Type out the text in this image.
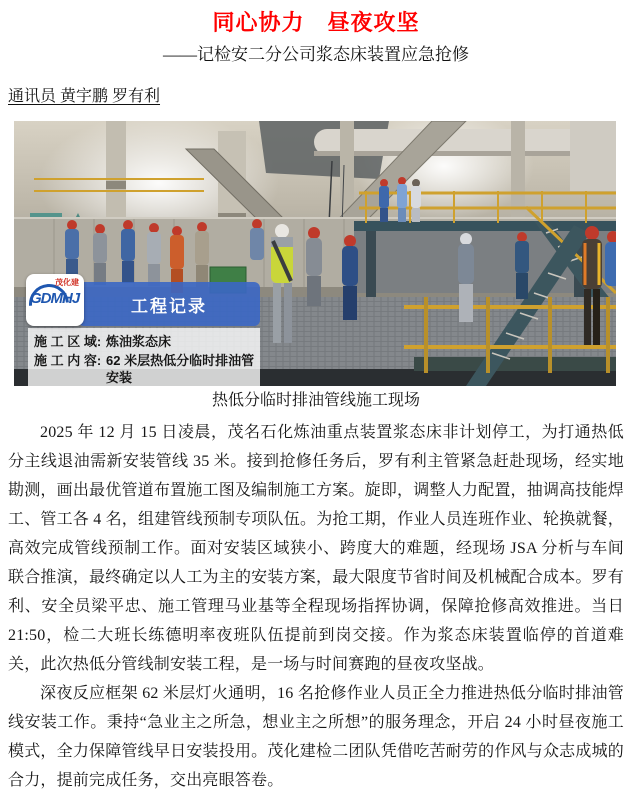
同心协力　昼夜攻坚
——记检安二分公司浆态床装置应急抢修
通讯员 黄宇鹏 罗有利
茂化建
GDMHJ	工程记录
施 工 区 域: 炼油浆态床
施 工 内 容: 62 米层热低分临时排油管安装
热低分临时排油管线施工现场

2025 年 12 月 15 日凌晨，茂名石化炼油重点装置浆态床非计划停工，为打通热低分主线退油需新安装管线 35 米。接到抢修任务后，罗有利主管紧急赶赴现场，经实地勘测，画出最优管道布置施工图及编制施工方案。旋即，调整人力配置，抽调高技能焊工、管工各 4 名，组建管线预制专项队伍。为抢工期，作业人员连班作业、轮换就餐，高效完成管线预制工作。面对安装区域狭小、跨度大的难题，经现场 JSA 分析与车间联合推演，最终确定以人工为主的安装方案，最大限度节省时间及机械配合成本。罗有利、安全员梁平忠、施工管理马业基等全程现场指挥协调，保障抢修高效推进。当日 21:50，检二大班长练德明率夜班队伍提前到岗交接。作为浆态床装置临停的首道难关，此次热低分管线制安装工程，是一场与时间赛跑的昼夜攻坚战。

深夜反应框架 62 米层灯火通明，16 名抢修作业人员正全力推进热低分临时排油管线安装工作。秉持“急业主之所急，想业主之所想”的服务理念，开启 24 小时昼夜施工模式，全力保障管线早日安装投用。茂化建检二团队凭借吃苦耐劳的作风与众志成城的合力，提前完成任务，交出亮眼答卷。
